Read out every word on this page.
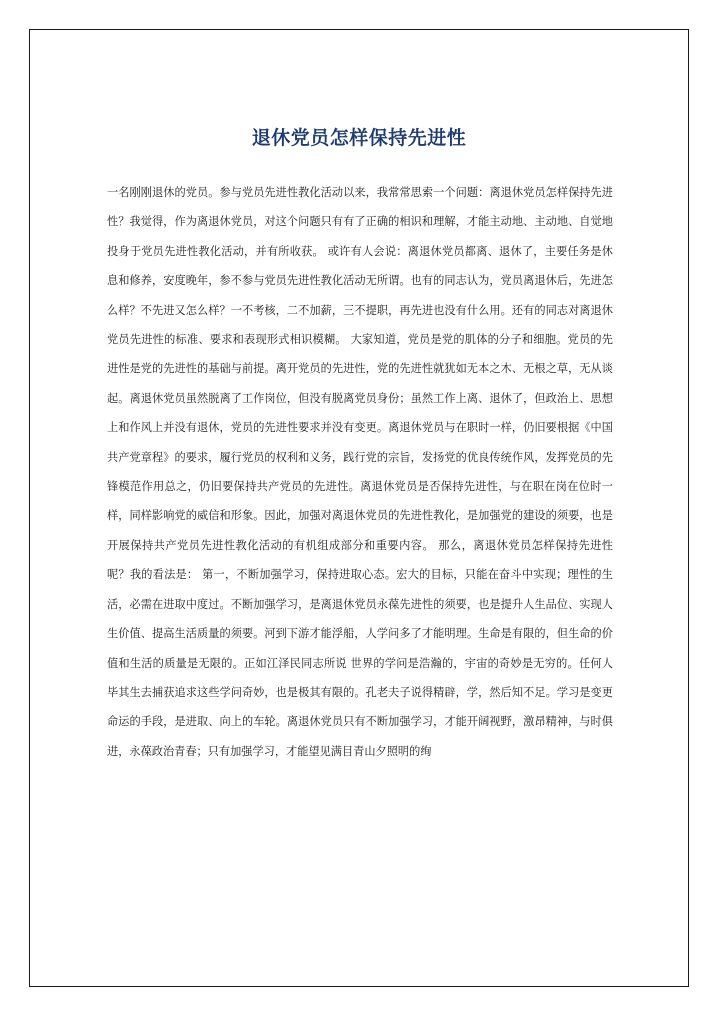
退休党员怎样保持先进性

一名刚刚退休的党员。参与党员先进性教化活动以来，我常常思索一个问题：离退休党员怎样保持先进性？我觉得，作为离退休党员，对这个问题只有有了正确的相识和理解，才能主动地、主动地、自觉地投身于党员先进性教化活动，并有所收获。 或许有人会说：离退休党员都离、退休了，主要任务是休息和修养，安度晚年，参不参与党员先进性教化活动无所谓。也有的同志认为，党员离退休后，先进怎么样？不先进又怎么样？一不考核，二不加薪，三不提职，再先进也没有什么用。还有的同志对离退休党员先进性的标准、要求和表现形式相识模糊。 大家知道，党员是党的肌体的分子和细胞。党员的先进性是党的先进性的基础与前提。离开党员的先进性，党的先进性就犹如无本之木、无根之草，无从谈起。离退休党员虽然脱离了工作岗位，但没有脱离党员身份；虽然工作上离、退休了，但政治上、思想上和作风上并没有退休，党员的先进性要求并没有变更。离退休党员与在职时一样，仍旧要根据《中国共产党章程》的要求，履行党员的权利和义务，践行党的宗旨，发扬党的优良传统作风，发挥党员的先锋模范作用总之，仍旧要保持共产党员的先进性。离退休党员是否保持先进性，与在职在岗在位时一样，同样影响党的威信和形象。因此，加强对离退休党员的先进性教化，是加强党的建设的须要，也是开展保持共产党员先进性教化活动的有机组成部分和重要内容。 那么，离退休党员怎样保持先进性呢？我的看法是： 第一，不断加强学习，保持进取心态。宏大的目标，只能在奋斗中实现；理性的生活，必需在进取中度过。不断加强学习，是离退休党员永葆先进性的须要，也是提升人生品位、实现人生价值、提高生活质量的须要。河到下游才能浮船，人学问多了才能明理。生命是有限的，但生命的价值和生活的质量是无限的。正如江泽民同志所说 世界的学问是浩瀚的，宇宙的奇妙是无穷的。任何人毕其生去捕获追求这些学问奇妙，也是极其有限的。孔老夫子说得精辟，学，然后知不足。学习是变更命运的手段，是进取、向上的车轮。离退休党员只有不断加强学习，才能开阔视野，激昂精神，与时俱进，永葆政治青春；只有加强学习，才能望见满目青山夕照明的绚
